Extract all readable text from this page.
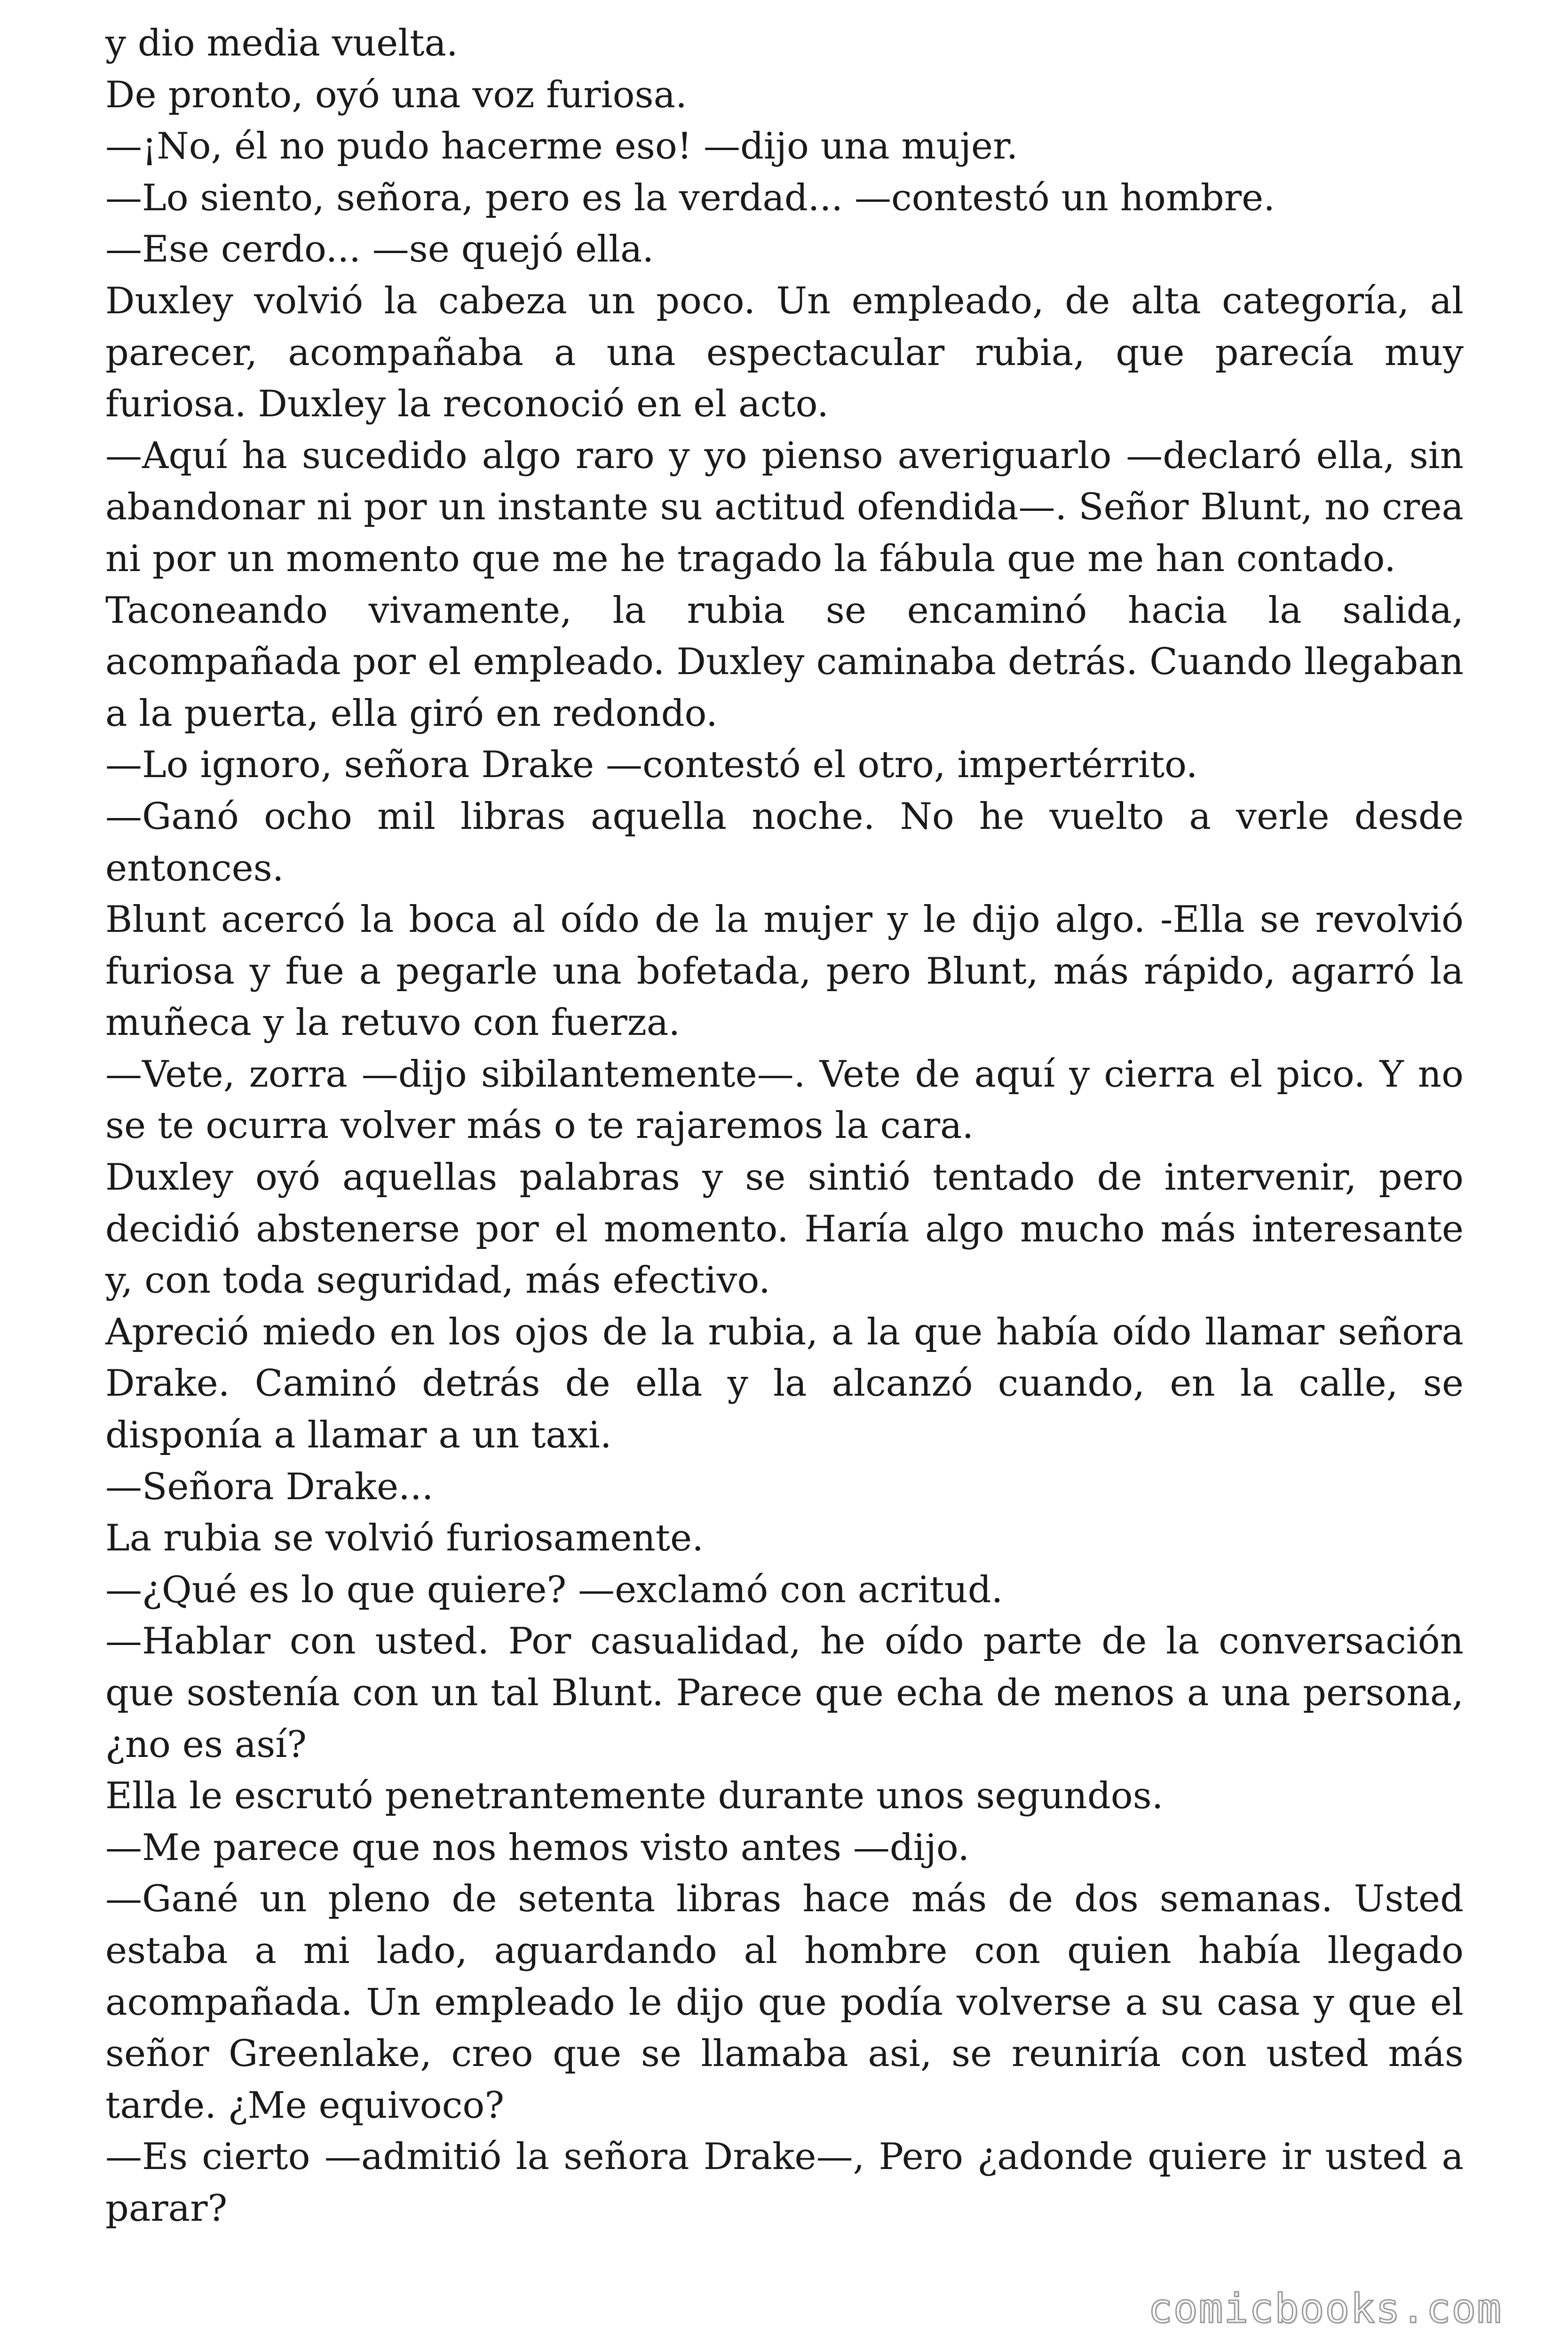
y dio media vuelta.

De pronto, oyó una voz furiosa.

—¡No, él no pudo hacerme eso! —dijo una mujer.

—Lo siento, señora, pero es la verdad... —contestó un hombre.

—Ese cerdo... —se quejó ella.

Duxley volvió la cabeza un poco. Un empleado, de alta categoría, al parecer, acompañaba a una espectacular rubia, que parecía muy furiosa. Duxley la reconoció en el acto.

—Aquí ha sucedido algo raro y yo pienso averiguarlo —declaró ella, sin abandonar ni por un instante su actitud ofendida—. Señor Blunt, no crea ni por un momento que me he tragado la fábula que me han contado.

Taconeando vivamente, la rubia se encaminó hacia la salida, acompañada por el empleado. Duxley caminaba detrás. Cuando llegaban a la puerta, ella giró en redondo.

—Lo ignoro, señora Drake —contestó el otro, impertérrito.

—Ganó ocho mil libras aquella noche. No he vuelto a verle desde entonces.

Blunt acercó la boca al oído de la mujer y le dijo algo. -Ella se revolvió furiosa y fue a pegarle una bofetada, pero Blunt, más rápido, agarró la muñeca y la retuvo con fuerza.

—Vete, zorra —dijo sibilantemente—. Vete de aquí y cierra el pico. Y no se te ocurra volver más o te rajaremos la cara.

Duxley oyó aquellas palabras y se sintió tentado de intervenir, pero decidió abstenerse por el momento. Haría algo mucho más interesante y, con toda seguridad, más efectivo.

Apreció miedo en los ojos de la rubia, a la que había oído llamar señora Drake. Caminó detrás de ella y la alcanzó cuando, en la calle, se disponía a llamar a un taxi.

—Señora Drake...

La rubia se volvió furiosamente.

—¿Qué es lo que quiere? —exclamó con acritud.

—Hablar con usted. Por casualidad, he oído parte de la conversación que sostenía con un tal Blunt. Parece que echa de menos a una persona, ¿no es así?

Ella le escrutó penetrantemente durante unos segundos.

—Me parece que nos hemos visto antes —dijo.

—Gané un pleno de setenta libras hace más de dos semanas. Usted estaba a mi lado, aguardando al hombre con quien había llegado acompañada. Un empleado le dijo que podía volverse a su casa y que el señor Greenlake, creo que se llamaba asi, se reuniría con usted más tarde. ¿Me equivoco?

—Es cierto —admitió la señora Drake—, Pero ¿adonde quiere ir usted a parar?

comicbooks.com
